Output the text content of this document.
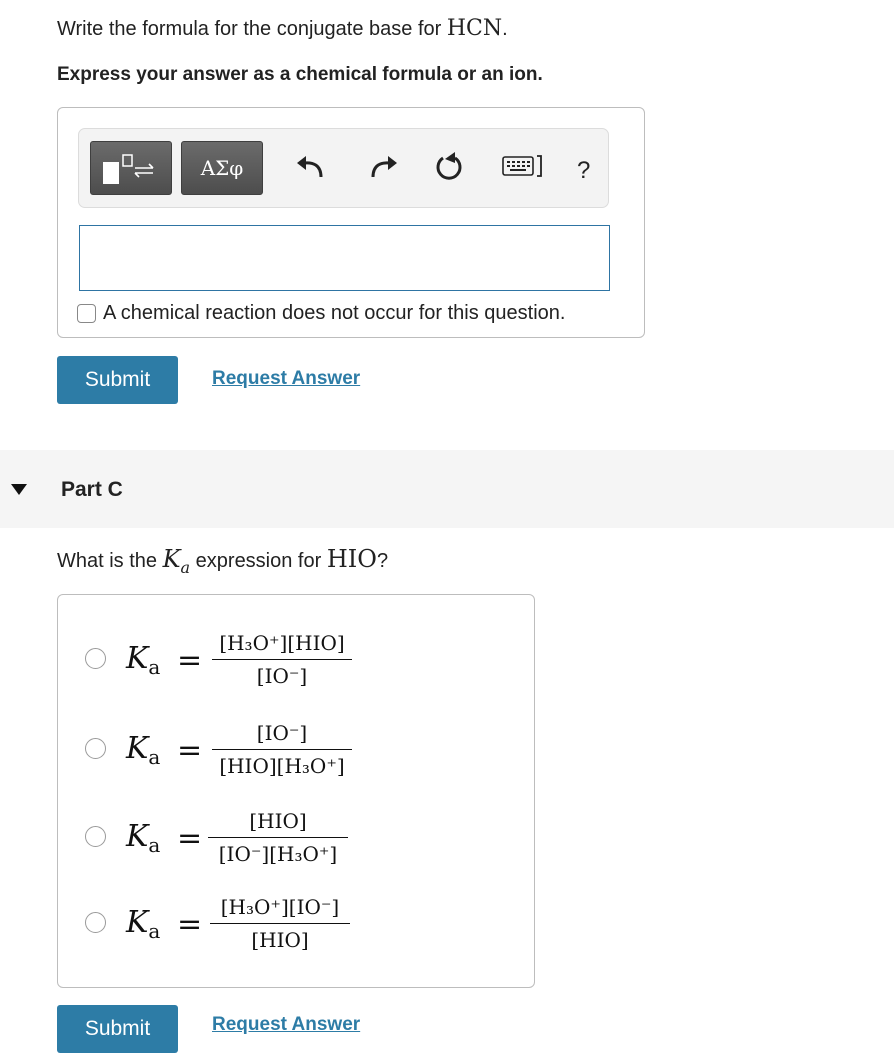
Write the formula for the conjugate base for HCN.
Express your answer as a chemical formula or an ion.
ΑΣφ	?
A chemical reaction does not occur for this question.
Submit	Request Answer
Part C
What is the $K_a$ expression for HIO?
$K_a = [H_3O^+][HIO]$
[IO⁻]
$K_a$ =	[IO⁻]
[HIO][H₃O⁺]
$K_a$ =	[HIO]
[IO⁻][H₃O⁺]
$K_a = [H_3O^+][IO^-]$
[HIO]
Submit	Request Answer
